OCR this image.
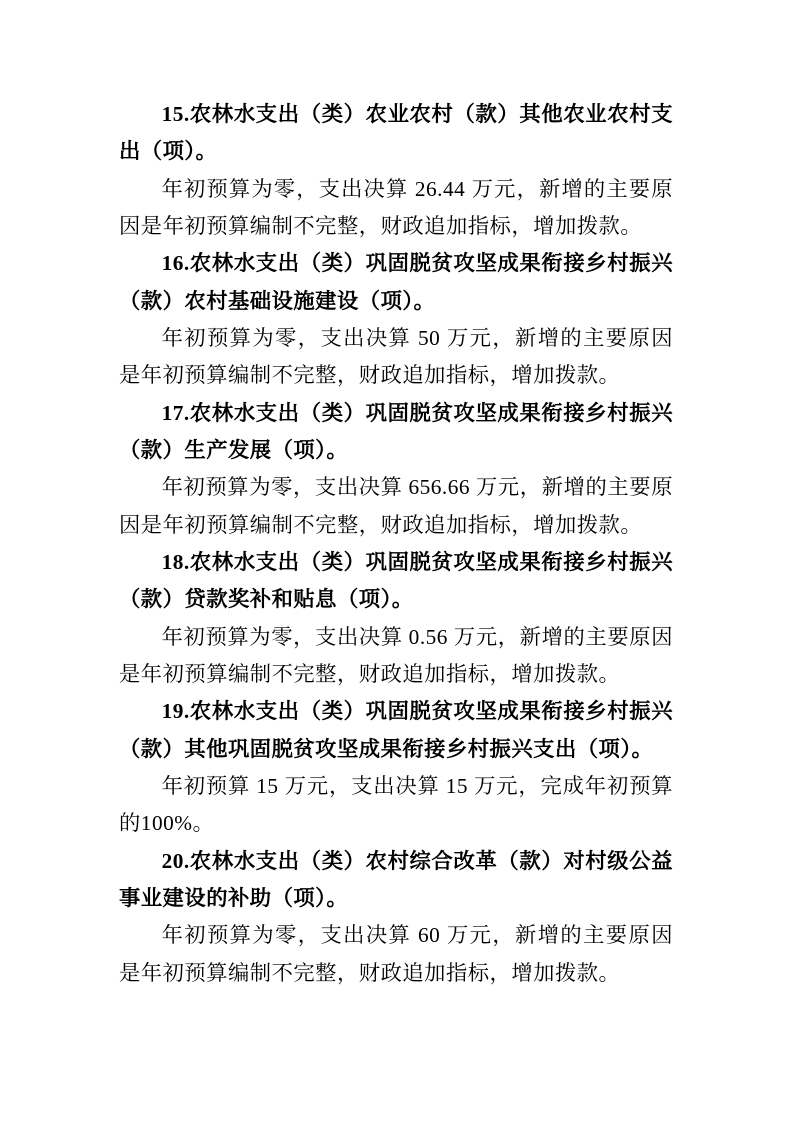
15.农林水支出（类）农业农村（款）其他农业农村支出（项）。

年初预算为零，支出决算 26.44 万元，新增的主要原因是年初预算编制不完整，财政追加指标，增加拨款。

16.农林水支出（类）巩固脱贫攻坚成果衔接乡村振兴（款）农村基础设施建设（项）。

年初预算为零，支出决算 50 万元，新增的主要原因是年初预算编制不完整，财政追加指标，增加拨款。

17.农林水支出（类）巩固脱贫攻坚成果衔接乡村振兴（款）生产发展（项）。

年初预算为零，支出决算 656.66 万元，新增的主要原因是年初预算编制不完整，财政追加指标，增加拨款。

18.农林水支出（类）巩固脱贫攻坚成果衔接乡村振兴（款）贷款奖补和贴息（项）。

年初预算为零，支出决算 0.56 万元，新增的主要原因是年初预算编制不完整，财政追加指标，增加拨款。

19.农林水支出（类）巩固脱贫攻坚成果衔接乡村振兴（款）其他巩固脱贫攻坚成果衔接乡村振兴支出（项）。

年初预算 15 万元，支出决算 15 万元，完成年初预算的100%。

20.农林水支出（类）农村综合改革（款）对村级公益事业建设的补助（项）。

年初预算为零，支出决算 60 万元，新增的主要原因是年初预算编制不完整，财政追加指标，增加拨款。
